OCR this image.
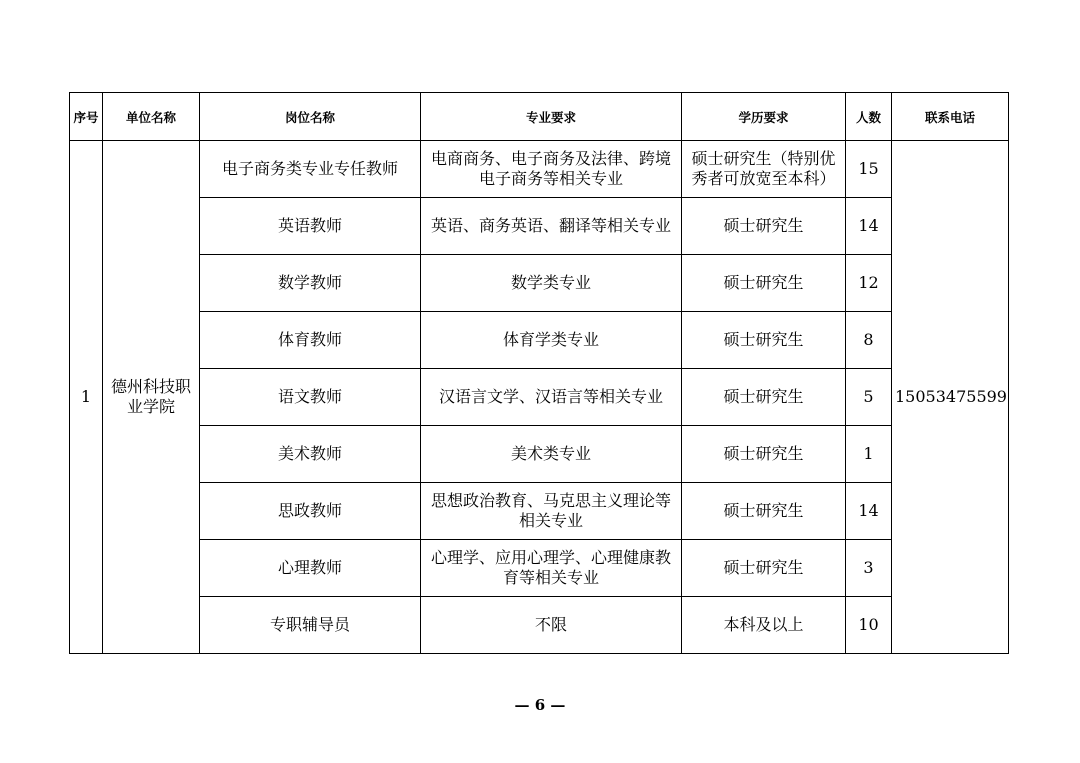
序号	单位名称	岗位名称	专业要求	学历要求	人数	联系电话
1	德州科技职业学院	电子商务类专业专任教师	电商商务、电子商务及法律、跨境电子商务等相关专业	硕士研究生（特别优秀者可放宽至本科）	15	15053475599
		英语教师	英语、商务英语、翻译等相关专业	硕士研究生	14	
		数学教师	数学类专业	硕士研究生	12	
		体育教师	体育学类专业	硕士研究生	8	
		语文教师	汉语言文学、汉语言等相关专业	硕士研究生	5	
		美术教师	美术类专业	硕士研究生	1	
		思政教师	思想政治教育、马克思主义理论等相关专业	硕士研究生	14	
		心理教师	心理学、应用心理学、心理健康教育等相关专业	硕士研究生	3	
		专职辅导员	不限	本科及以上	10	
— 6 —
